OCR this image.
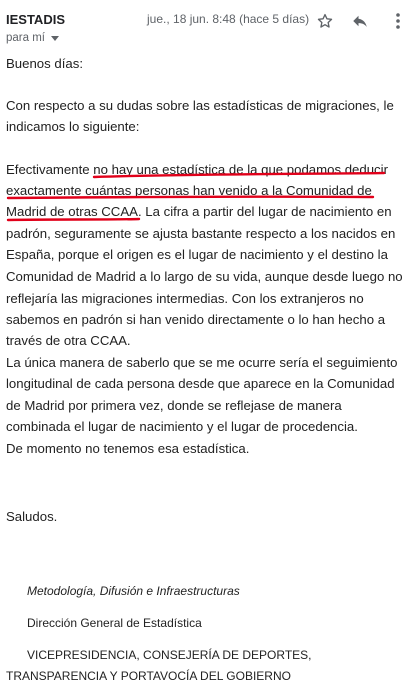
IESTADIS
para mí
jue., 18 jun. 8:48 (hace 5 días)
Buenos días:
Con respecto a su dudas sobre las estadísticas de migraciones, le
indicamos lo siguiente:
Efectivamente no hay una estadística de la que podamos deducir
exactamente cuántas personas han venido a la Comunidad de
Madrid de otras CCAA. La cifra a partir del lugar de nacimiento en
padrón, seguramente se ajusta bastante respecto a los nacidos en
España, porque el origen es el lugar de nacimiento y el destino la
Comunidad de Madrid a lo largo de su vida, aunque desde luego no
reflejaría las migraciones intermedias. Con los extranjeros no
sabemos en padrón si han venido directamente o lo han hecho a
través de otra CCAA.
La única manera de saberlo que se me ocurre sería el seguimiento
longitudinal de cada persona desde que aparece en la Comunidad
de Madrid por primera vez, donde se reflejase de manera
combinada el lugar de nacimiento y el lugar de procedencia.
De momento no tenemos esa estadística.
Saludos.
Metodología, Difusión e Infraestructuras
Dirección General de Estadística
VICEPRESIDENCIA, CONSEJERÍA DE DEPORTES,
TRANSPARENCIA Y PORTAVOCÍA DEL GOBIERNO
